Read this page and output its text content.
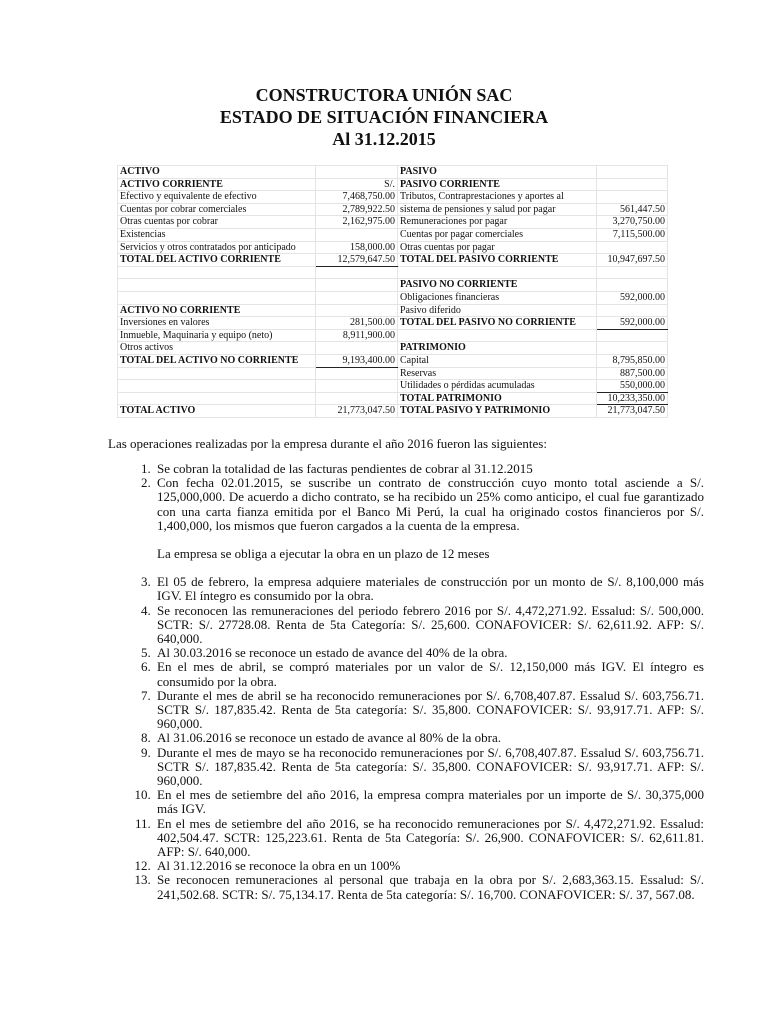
CONSTRUCTORA UNIÓN SAC
ESTADO DE SITUACIÓN FINANCIERA
Al 31.12.2015
ACTIVO		PASIVO	
ACTIVO CORRIENTE	S/.	PASIVO CORRIENTE	
Efectivo y equivalente de efectivo	7,468,750.00	Tributos, Contraprestaciones y aportes al	
Cuentas por cobrar comerciales	2,789,922.50	sistema de pensiones y salud por pagar	561,447.50
Otras cuentas por cobrar	2,162,975.00	Remuneraciones por pagar	3,270,750.00
Existencias		Cuentas por pagar comerciales	7,115,500.00
Servicios y otros contratados por anticipado	158,000.00	Otras cuentas por pagar	
TOTAL DEL ACTIVO CORRIENTE	12,579,647.50	TOTAL DEL PASIVO CORRIENTE	10,947,697.50

		PASIVO NO CORRIENTE	
		Obligaciones financieras	592,000.00
ACTIVO NO CORRIENTE		Pasivo diferido	
Inversiones en valores	281,500.00	TOTAL DEL PASIVO NO CORRIENTE	592,000.00
Inmueble, Maquinaria y equipo (neto)	8,911,900.00		
Otros activos		PATRIMONIO	
TOTAL DEL ACTIVO NO CORRIENTE	9,193,400.00	Capital	8,795,850.00
		Reservas	887,500.00
		Utilidades o pérdidas acumuladas	550,000.00
		TOTAL PATRIMONIO	10,233,350.00
TOTAL ACTIVO	21,773,047.50	TOTAL PASIVO Y PATRIMONIO	21,773,047.50
Las operaciones realizadas por la empresa durante el año 2016 fueron las siguientes:
1. Se cobran la totalidad de las facturas pendientes de cobrar al 31.12.2015
2. Con fecha 02.01.2015, se suscribe un contrato de construcción cuyo monto total asciende a S/. 125,000,000. De acuerdo a dicho contrato, se ha recibido un 25% como anticipo, el cual fue garantizado con una carta fianza emitida por el Banco Mi Perú, la cual ha originado costos financieros por S/. 1,400,000, los mismos que fueron cargados a la cuenta de la empresa.

La empresa se obliga a ejecutar la obra en un plazo de 12 meses

3. El 05 de febrero, la empresa adquiere materiales de construcción por un monto de S/. 8,100,000 más IGV. El íntegro es consumido por la obra.
4. Se reconocen las remuneraciones del periodo febrero 2016 por S/. 4,472,271.92. Essalud: S/. 500,000. SCTR: S/. 27728.08. Renta de 5ta Categoría: S/. 25,600. CONAFOVICER: S/. 62,611.92. AFP: S/. 640,000.
5. Al 30.03.2016 se reconoce un estado de avance del 40% de la obra.
6. En el mes de abril, se compró materiales por un valor de S/. 12,150,000 más IGV. El íntegro es consumido por la obra.
7. Durante el mes de abril se ha reconocido remuneraciones por S/. 6,708,407.87. Essalud S/. 603,756.71. SCTR S/. 187,835.42. Renta de 5ta categoría: S/. 35,800. CONAFOVICER: S/. 93,917.71. AFP: S/. 960,000.
8. Al 31.06.2016 se reconoce un estado de avance al 80% de la obra.
9. Durante el mes de mayo se ha reconocido remuneraciones por S/. 6,708,407.87. Essalud S/. 603,756.71. SCTR S/. 187,835.42. Renta de 5ta categoría: S/. 35,800. CONAFOVICER: S/. 93,917.71. AFP: S/. 960,000.
10. En el mes de setiembre del año 2016, la empresa compra materiales por un importe de S/. 30,375,000 más IGV.
11. En el mes de setiembre del año 2016, se ha reconocido remuneraciones por S/. 4,472,271.92. Essalud: 402,504.47. SCTR: 125,223.61. Renta de 5ta Categoría: S/. 26,900. CONAFOVICER: S/. 62,611.81. AFP: S/. 640,000.
12. Al 31.12.2016 se reconoce la obra en un 100%
13. Se reconocen remuneraciones al personal que trabaja en la obra por S/. 2,683,363.15. Essalud: S/. 241,502.68. SCTR: S/. 75,134.17. Renta de 5ta categoría: S/. 16,700. CONAFOVICER: S/. 37, 567.08.
